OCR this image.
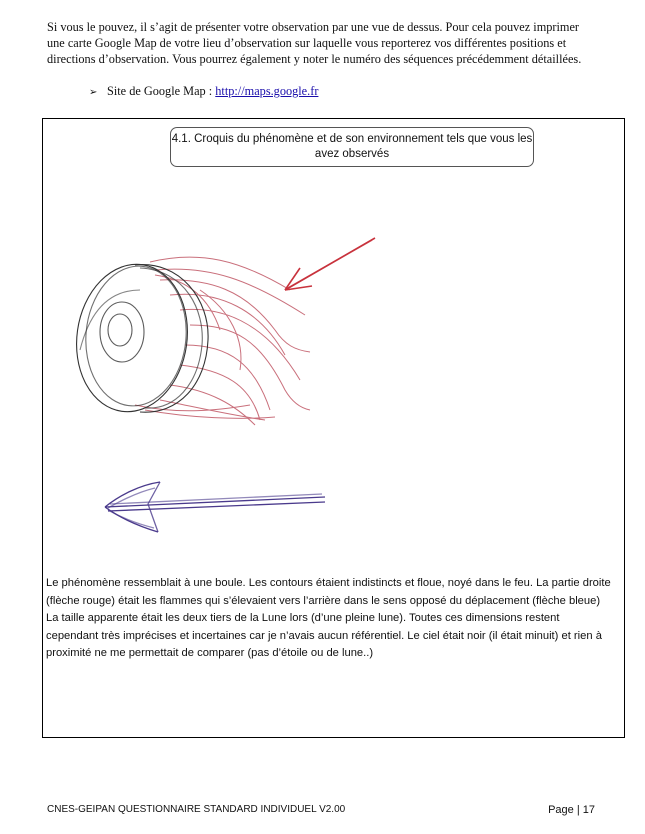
Si vous le pouvez, il s’agit de présenter votre observation par une vue de dessus. Pour cela pouvez imprimer une carte Google Map de votre lieu d’observation sur laquelle vous reporterez vos différentes positions et directions d’observation. Vous pourrez également y noter le numéro des séquences précédemment détaillées.
➢ Site de Google Map : http://maps.google.fr
4.1. Croquis du phénomène et de son environnement tels que vous les
avez observés
Le phénomène ressemblait à une boule. Les contours étaient indistincts et floue, noyé dans le feu. La partie droite
(flèche rouge) était les flammes qui s’élevaient vers l’arrière dans le sens opposé du déplacement (flèche bleue)
La taille apparente était les deux tiers de la Lune lors (d’une pleine lune). Toutes ces dimensions restent
cependant très imprécises et incertaines car je n’avais aucun référentiel. Le ciel était noir (il était minuit) et rien à
proximité ne me permettait de comparer (pas d’étoile ou de lune..)
CNES-GEIPAN QUESTIONNAIRE STANDARD INDIVIDUEL V2.00	Page | 17
